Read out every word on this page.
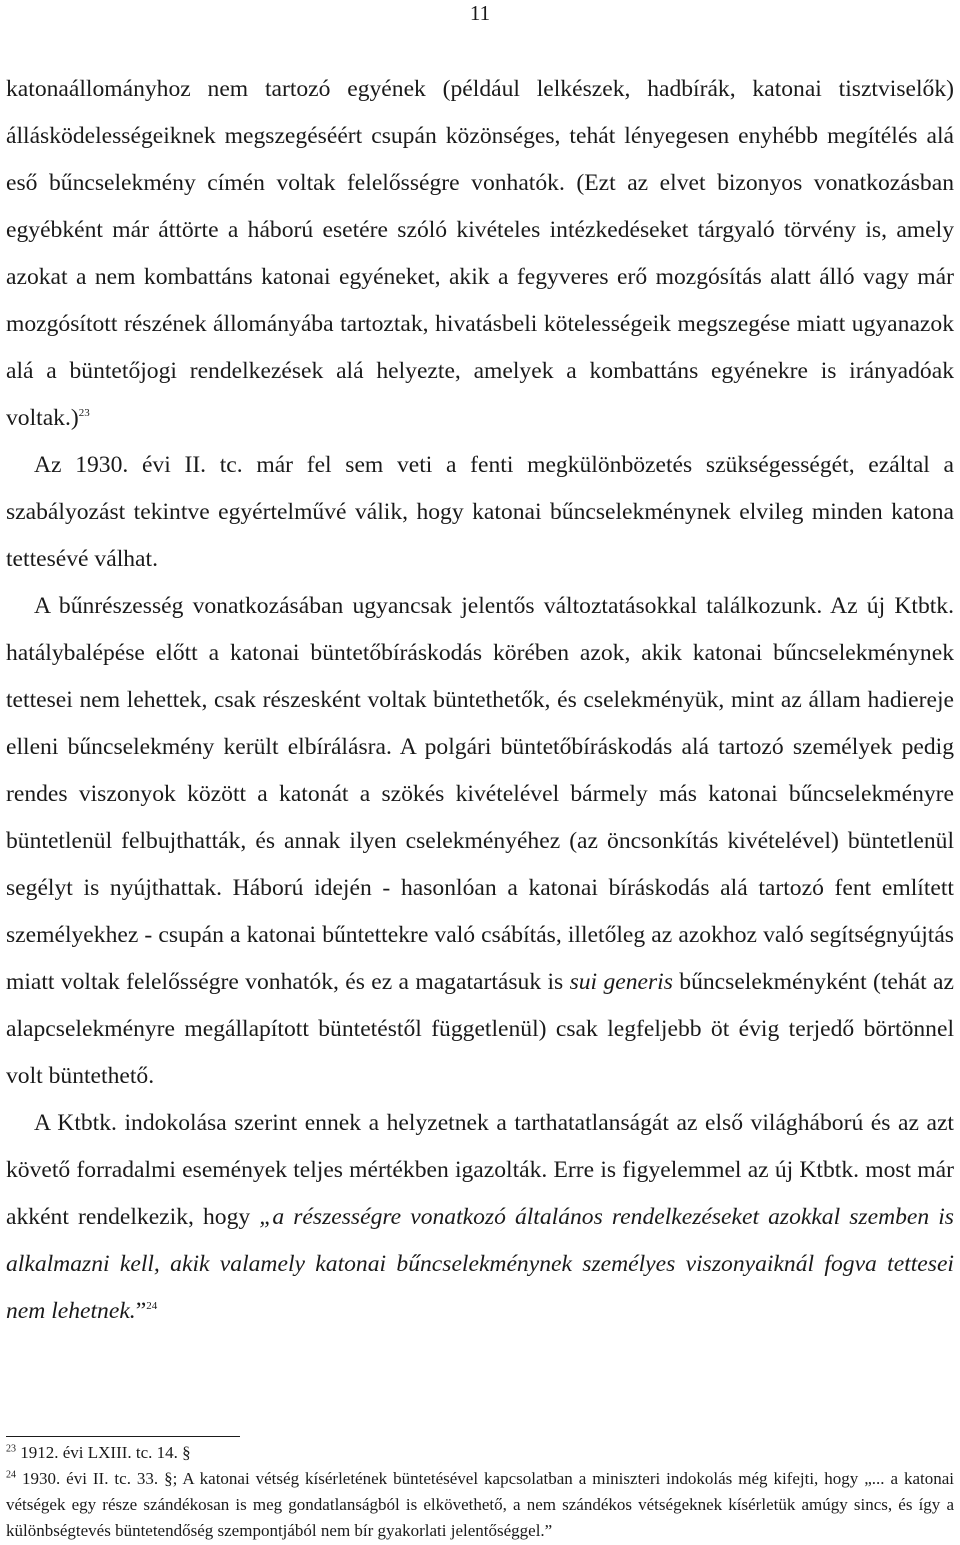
11

katonaállományhoz nem tartozó egyének (például lelkészek, hadbírák, katonai tisztviselők) állásködelességeiknek megszegéséért csupán közönséges, tehát lényegesen enyhébb megítélés alá eső bűncselekmény címén voltak felelősségre vonhatók. (Ezt az elvet bizonyos vonatkozásban egyébként már áttörte a háború esetére szóló kivételes intézkedéseket tárgyaló törvény is, amely azokat a nem kombattáns katonai egyéneket, akik a fegyveres erő mozgósítás alatt álló vagy már mozgósított részének állományába tartoztak, hivatásbeli kötelességeik megszegése miatt ugyanazok alá a büntetőjogi rendelkezések alá helyezte, amelyek a kombattáns egyénekre is irányadóak voltak.)$^{23}$

Az 1930. évi II. tc. már fel sem veti a fenti megkülönbözetés szükségességét, ezáltal a szabályozást tekintve egyértelművé válik, hogy katonai bűncselekménynek elvileg minden katona tettesévé válhat.

A bűnrészesség vonatkozásában ugyancsak jelentős változtatásokkal találkozunk. Az új Ktbtk. hatálybalépése előtt a katonai büntetőbíráskodás körében azok, akik katonai bűncselekménynek tettesei nem lehettek, csak részesként voltak büntethetők, és cselekményük, mint az állam hadiereje elleni bűncselekmény került elbírálásra. A polgári büntetőbíráskodás alá tartozó személyek pedig rendes viszonyok között a katonát a szökés kivételével bármely más katonai bűncselekményre büntetlenül felbujthatták, és annak ilyen cselekményéhez (az öncsonkítás kivételével) büntetlenül segélyt is nyújthattak. Háború idején - hasonlóan a katonai bíráskodás alá tartozó fent említett személyekhez - csupán a katonai bűntettekre való csábítás, illetőleg az azokhoz való segítségnyújtás miatt voltak felelősségre vonhatók, és ez a magatartásuk is sui generis bűncselekményként (tehát az alapcselekményre megállapított büntetéstől függetlenül) csak legfeljebb öt évig terjedő börtönnel volt büntethető.

A Ktbtk. indokolása szerint ennek a helyzetnek a tarthatatlanságát az első világháború és az azt követő forradalmi események teljes mértékben igazolták. Erre is figyelemmel az új Ktbtk. most már akként rendelkezik, hogy „a részességre vonatkozó általános rendelkezéseket azokkal szemben is alkalmazni kell, akik valamely katonai bűncselekménynek személyes viszonyaiknál fogva tettesei nem lehetnek.”$^{24}$

$^{23}$ 1912. évi LXIII. tc. 14. §

$^{24}$ 1930. évi II. tc. 33. §; A katonai vétség kísérletének büntetésével kapcsolatban a miniszteri indokolás még kifejti, hogy „... a katonai vétségek egy része szándékosan is meg gondatlanságból is elkövethető, a nem szándékos vétségeknek kísérletük amúgy sincs, és így a különbségtevés büntetendőség szempontjából nem bír gyakorlati jelentőséggel.”
